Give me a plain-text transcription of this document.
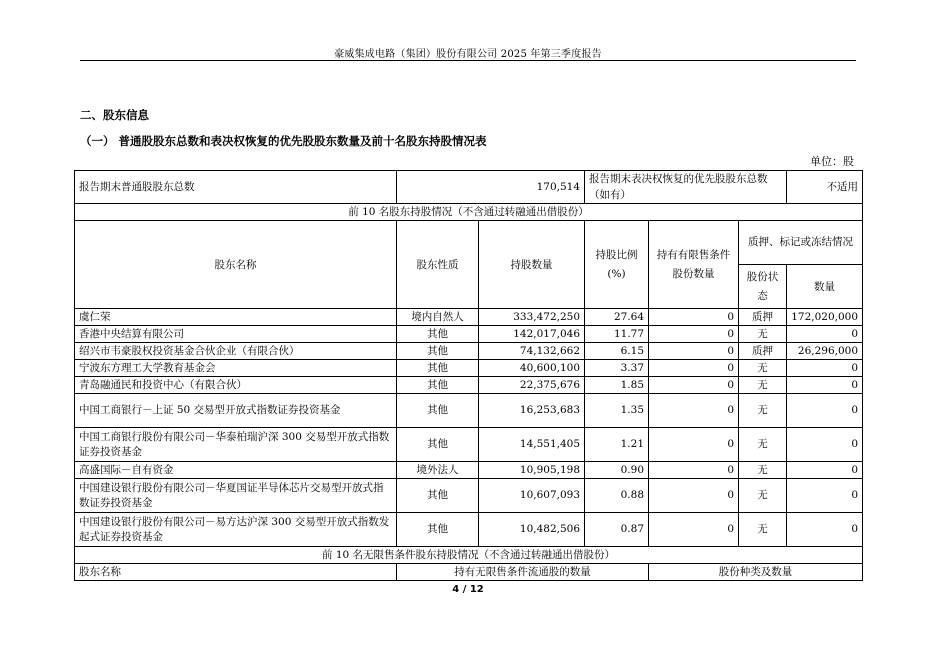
豪威集成电路（集团）股份有限公司 2025 年第三季度报告
二、股东信息
（一） 普通股股东总数和表决权恢复的优先股股东数量及前十名股东持股情况表
单位：股
报告期末普通股股东总数	170,514		报告期末表决权恢复的优先股股东总数（如有）			不适用
前 10 名股东持股情况（不含通过转融通出借股份）						
股东名称	股东性质	持股数量	持股比例(%)	持有有限售条件股份数量	质押、标记或冻结情况	
					股份状态	数量
虞仁荣	境内自然人	333,472,250	27.64	0	质押	172,020,000
香港中央结算有限公司	其他	142,017,046	11.77	0	无	0
绍兴市韦豪股权投资基金合伙企业（有限合伙）	其他	74,132,662	6.15	0	质押	26,296,000
宁波东方理工大学教育基金会	其他	40,600,100	3.37	0	无	0
青岛融通民和投资中心（有限合伙）	其他	22,375,676	1.85	0	无	0
中国工商银行－上证 50 交易型开放式指数证券投资基金	其他	16,253,683	1.35	0	无	0
中国工商银行股份有限公司－华泰柏瑞沪深 300 交易型开放式指数证券投资基金	其他	14,551,405	1.21	0	无	0
高盛国际－自有资金	境外法人	10,905,198	0.90	0	无	0
中国建设银行股份有限公司－华夏国证半导体芯片交易型开放式指数证券投资基金	其他	10,607,093	0.88	0	无	0
中国建设银行股份有限公司－易方达沪深 300 交易型开放式指数发起式证券投资基金	其他	10,482,506	0.87	0	无	0
前 10 名无限售条件股东持股情况（不含通过转融通出借股份）						
股东名称	持有无限售条件流通股的数量			股份种类及数量		
4 / 12
